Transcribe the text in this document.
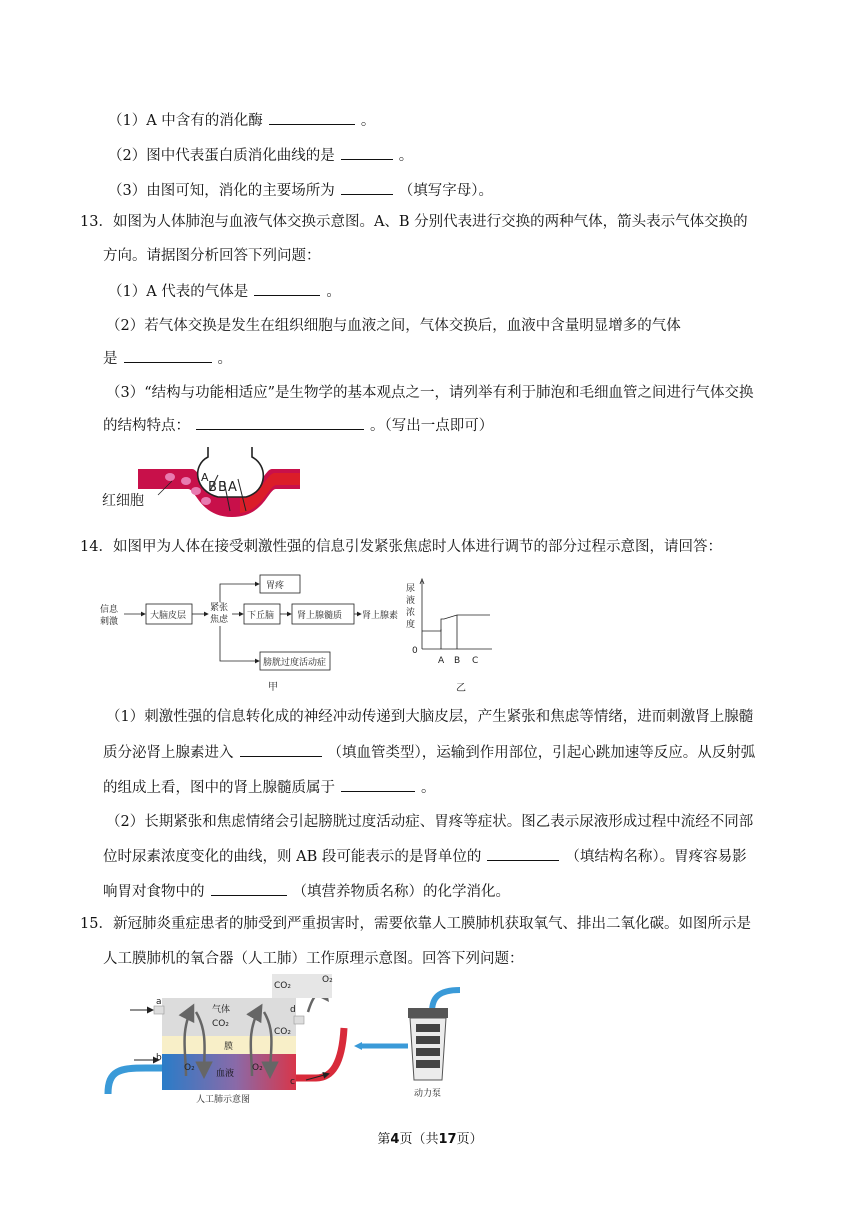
（1）A 中含有的消化酶	。
（2）图中代表蛋白质消化曲线的是	。
（3）由图可知，消化的主要场所为	（填写字母）。
13．如图为人体肺泡与血液气体交换示意图。A、B 分别代表进行交换的两种气体，箭头表示气体交换的
方向。请据图分析回答下列问题：
（1）A 代表的气体是	。
（2）若气体交换是发生在组织细胞与血液之间，气体交换后，血液中含量明显增多的气体
是	。
（3）“结构与功能相适应”是生物学的基本观点之一，请列举有利于肺泡和毛细血管之间进行气体交换
的结构特点：	。（写出一点即可）
A
B B A
红细胞
14．如图甲为人体在接受刺激性强的信息引发紧张焦虑时人体进行调节的部分过程示意图，请回答：
信息
刺激
大脑皮层
紧张
焦虑
胃疼
下丘脑	肾上腺髓质 肾上腺素
膀胱过度活动症
甲
尿
液
浓
度
0
A B C
乙
（1）刺激性强的信息转化成的神经冲动传递到大脑皮层，产生紧张和焦虑等情绪，进而刺激肾上腺髓
质分泌肾上腺素进入	（填血管类型），运输到作用部位，引起心跳加速等反应。从反射弧
的组成上看，图中的肾上腺髓质属于	。
（2）长期紧张和焦虑情绪会引起膀胱过度活动症、胃疼等症状。图乙表示尿液形成过程中流经不同部
位时尿素浓度变化的曲线，则 AB 段可能表示的是肾单位的	（填结构名称）。胃疼容易影
响胃对食物中的	（填营养物质名称）的化学消化。
15．新冠肺炎重症患者的肺受到严重损害时，需要依靠人工膜肺机获取氧气、排出二氧化碳。如图所示是
人工膜肺机的氧合器（人工肺）工作原理示意图。回答下列问题：
气体
膜
血液
CO₂
O₂
CO₂
CO₂
O₂	O₂
a
b
c
d
人工肺示意图
动力泵
第4页（共17页）
